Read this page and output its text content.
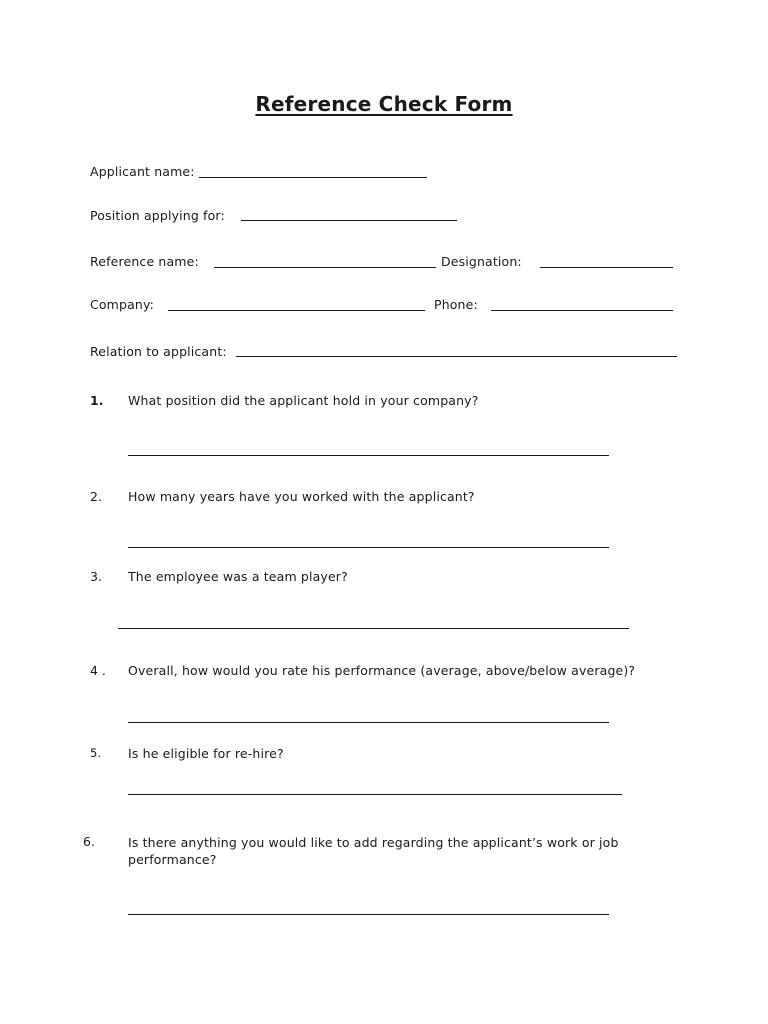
Reference Check Form
Applicant name:
Position applying for:
Reference name:	Designation:
Company:	Phone:
Relation to applicant:
1. What position did the applicant hold in your company?
2. How many years have you worked with the applicant?
3. The employee was a team player?
4 . Overall, how would you rate his performance (average, above/below average)?
5. Is he eligible for re-hire?
6.	Is there anything you would like to add regarding the applicant’s work or job performance?
